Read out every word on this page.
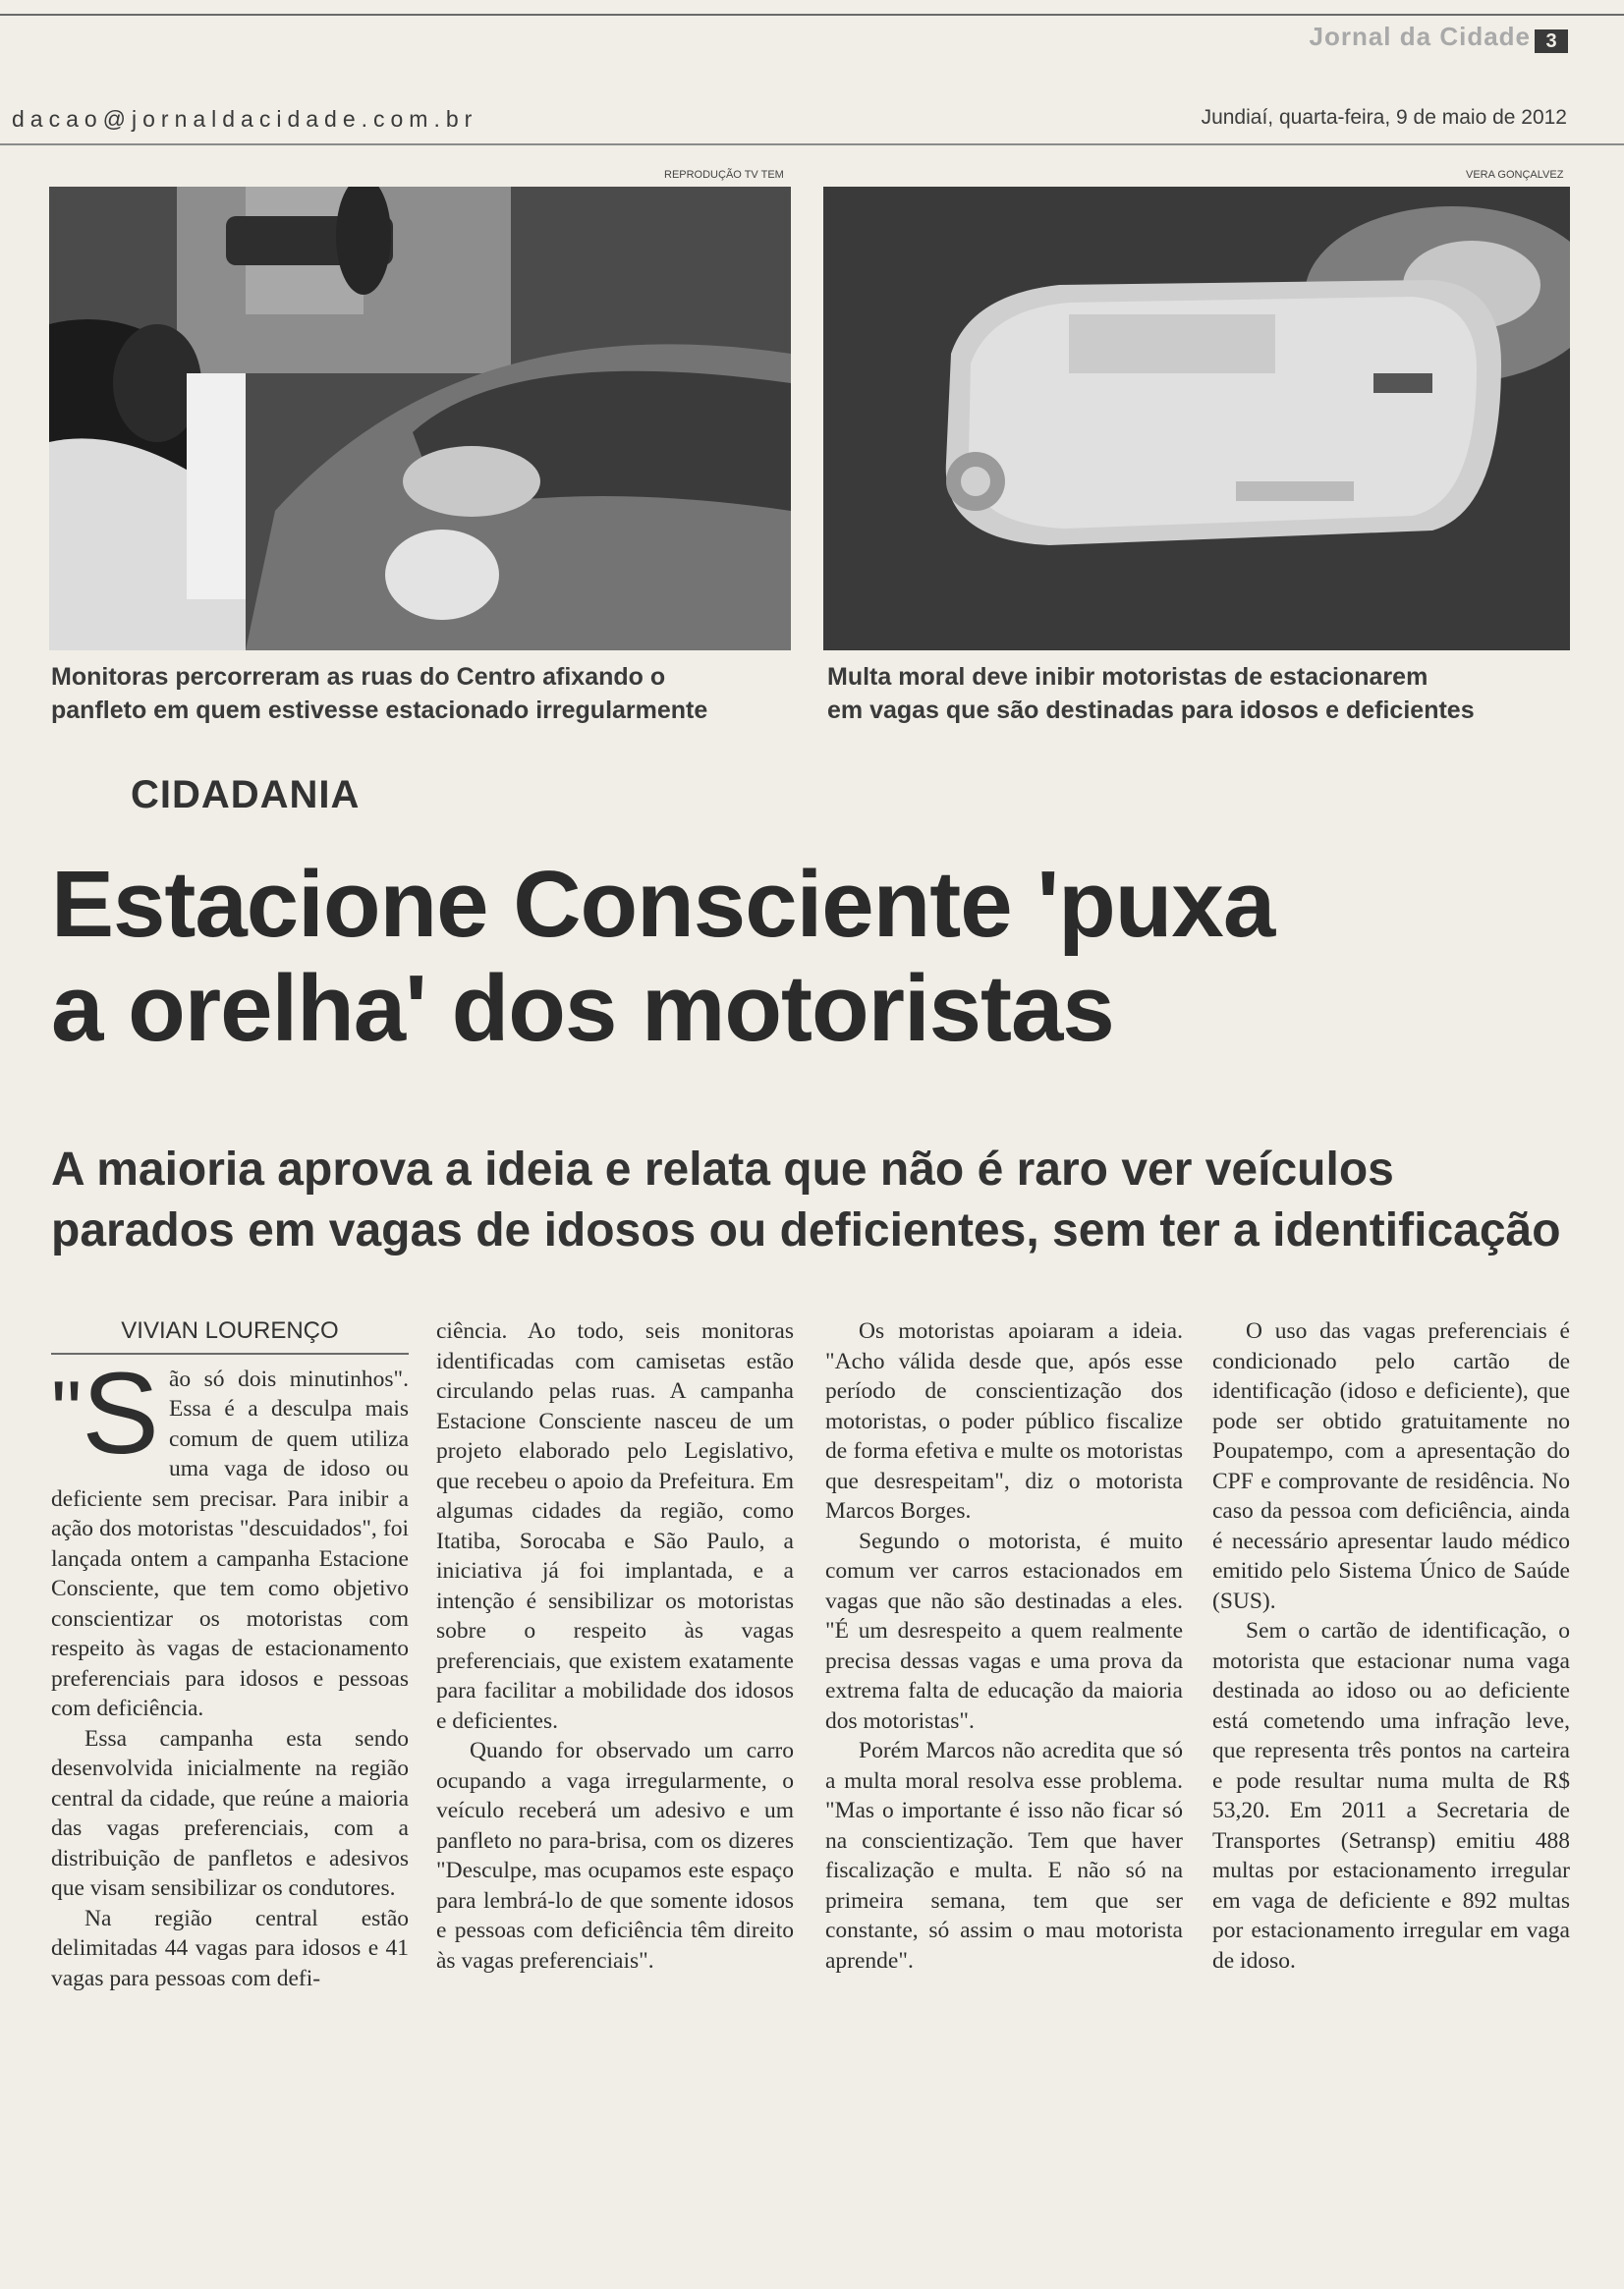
Jornal da Cidade 3
dacao@jornaldacidade.com.br	Jundiaí, quarta-feira, 9 de maio de 2012
REPRODUÇÃO TV TEM
Monitoras percorreram as ruas do Centro afixando o
panfleto em quem estivesse estacionado irregularmente
VERA GONÇALVEZ
Multa moral deve inibir motoristas de estacionarem
em vagas que são destinadas para idosos e deficientes
CIDADANIA
Estacione Consciente 'puxa
a orelha' dos motoristas
A maioria aprova a ideia e relata que não é raro ver veículos
parados em vagas de idosos ou deficientes, sem ter a identificação
VIVIAN LOURENÇO
"S ão só dois minutinhos". Essa é a desculpa mais comum de quem utiliza uma vaga de idoso ou deficiente sem precisar. Para inibir a ação dos motoristas "descuidados", foi lançada ontem a campanha Estacione Consciente, que tem como objetivo conscientizar os motoristas com respeito às vagas de estacionamento preferenciais para idosos e pessoas com deficiência.

Essa campanha esta sendo desenvolvida inicialmente na região central da cidade, que reúne a maioria das vagas preferenciais, com a distribuição de panfletos e adesivos que visam sensibilizar os condutores.

Na região central estão delimitadas 44 vagas para idosos e 41 vagas para pessoas com defi-

ciência. Ao todo, seis monitoras identificadas com camisetas estão circulando pelas ruas. A campanha Estacione Consciente nasceu de um projeto elaborado pelo Legislativo, que recebeu o apoio da Prefeitura. Em algumas cidades da região, como Itatiba, Sorocaba e São Paulo, a iniciativa já foi implantada, e a intenção é sensibilizar os motoristas sobre o respeito às vagas preferenciais, que existem exatamente para facilitar a mobilidade dos idosos e deficientes.

Quando for observado um carro ocupando a vaga irregularmente, o veículo receberá um adesivo e um panfleto no para-brisa, com os dizeres "Desculpe, mas ocupamos este espaço para lembrá-lo de que somente idosos e pessoas com deficiência têm direito às vagas preferenciais".

Os motoristas apoiaram a ideia. "Acho válida desde que, após esse período de conscientização dos motoristas, o poder público fiscalize de forma efetiva e multe os motoristas que desrespeitam", diz o motorista Marcos Borges.

Segundo o motorista, é muito comum ver carros estacionados em vagas que não são destinadas a eles. "É um desrespeito a quem realmente precisa dessas vagas e uma prova da extrema falta de educação da maioria dos motoristas".

Porém Marcos não acredita que só a multa moral resolva esse problema. "Mas o importante é isso não ficar só na conscientização. Tem que haver fiscalização e multa. E não só na primeira semana, tem que ser constante, só assim o mau motorista aprende".

O uso das vagas preferenciais é condicionado pelo cartão de identificação (idoso e deficiente), que pode ser obtido gratuitamente no Poupatempo, com a apresentação do CPF e comprovante de residência. No caso da pessoa com deficiência, ainda é necessário apresentar laudo médico emitido pelo Sistema Único de Saúde (SUS).

Sem o cartão de identificação, o motorista que estacionar numa vaga destinada ao idoso ou ao deficiente está cometendo uma infração leve, que representa três pontos na carteira e pode resultar numa multa de R$ 53,20. Em 2011 a Secretaria de Transportes (Setransp) emitiu 488 multas por estacionamento irregular em vaga de deficiente e 892 multas por estacionamento irregular em vaga de idoso.
